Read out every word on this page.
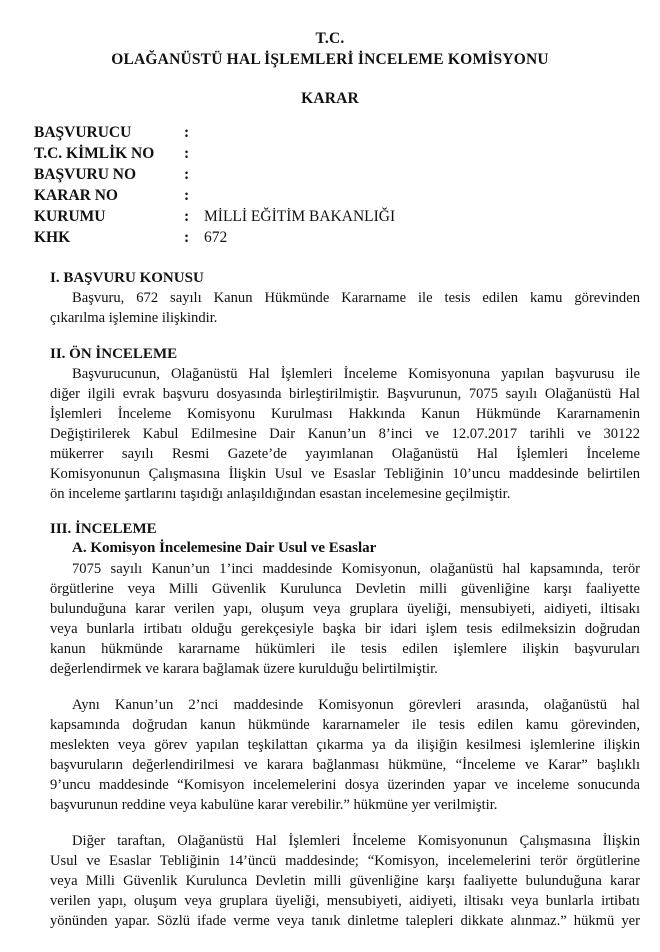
T.C.
OLAĞANÜSTÜ HAL İŞLEMLERİ İNCELEME KOMİSYONU
KARAR
BAŞVURUCU	:
T.C. KİMLİK NO	:
BAŞVURU NO	:
KARAR NO	:
KURUMU	: MİLLİ EĞİTİM BAKANLIĞI
KHK	: 672
I. BAŞVURU KONUSU
Başvuru, 672 sayılı Kanun Hükmünde Kararname ile tesis edilen kamu görevinden
çıkarılma işlemine ilişkindir.
II. ÖN İNCELEME
Başvurucunun, Olağanüstü Hal İşlemleri İnceleme Komisyonuna yapılan başvurusu ile
diğer ilgili evrak başvuru dosyasında birleştirilmiştir. Başvurunun, 7075 sayılı Olağanüstü Hal
İşlemleri İnceleme Komisyonu Kurulması Hakkında Kanun Hükmünde Kararnamenin
Değiştirilerek Kabul Edilmesine Dair Kanun’un 8’inci ve 12.07.2017 tarihli ve 30122
mükerrer sayılı Resmi Gazete’de yayımlanan Olağanüstü Hal İşlemleri İnceleme
Komisyonunun Çalışmasına İlişkin Usul ve Esaslar Tebliğinin 10’uncu maddesinde belirtilen
ön inceleme şartlarını taşıdığı anlaşıldığından esastan incelemesine geçilmiştir.
III. İNCELEME
A. Komisyon İncelemesine Dair Usul ve Esaslar
7075 sayılı Kanun’un 1’inci maddesinde Komisyonun, olağanüstü hal kapsamında, terör
örgütlerine veya Milli Güvenlik Kurulunca Devletin milli güvenliğine karşı faaliyette
bulunduğuna karar verilen yapı, oluşum veya gruplara üyeliği, mensubiyeti, aidiyeti, iltisakı
veya bunlarla irtibatı olduğu gerekçesiyle başka bir idari işlem tesis edilmeksizin doğrudan
kanun hükmünde kararname hükümleri ile tesis edilen işlemlere ilişkin başvuruları
değerlendirmek ve karara bağlamak üzere kurulduğu belirtilmiştir.
Aynı Kanun’un 2’nci maddesinde Komisyonun görevleri arasında, olağanüstü hal
kapsamında doğrudan kanun hükmünde kararnameler ile tesis edilen kamu görevinden,
meslekten veya görev yapılan teşkilattan çıkarma ya da ilişiğin kesilmesi işlemlerine ilişkin
başvuruların değerlendirilmesi ve karara bağlanması hükmüne, “İnceleme ve Karar” başlıklı
9’uncu maddesinde “Komisyon incelemelerini dosya üzerinden yapar ve inceleme sonucunda
başvurunun reddine veya kabulüne karar verebilir.” hükmüne yer verilmiştir.
Diğer taraftan, Olağanüstü Hal İşlemleri İnceleme Komisyonunun Çalışmasına İlişkin
Usul ve Esaslar Tebliğinin 14’üncü maddesinde; “Komisyon, incelemelerini terör örgütlerine
veya Milli Güvenlik Kurulunca Devletin milli güvenliğine karşı faaliyette bulunduğuna karar
verilen yapı, oluşum veya gruplara üyeliği, mensubiyeti, aidiyeti, iltisakı veya bunlarla irtibatı
yönünden yapar. Sözlü ifade verme veya tanık dinletme talepleri dikkate alınmaz.” hükmü yer
